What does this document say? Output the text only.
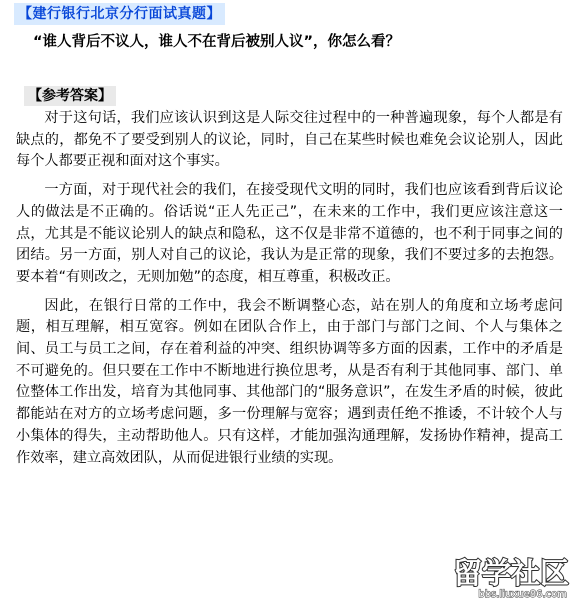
【建行银行北京分行面试真题】
“谁人背后不议人，谁人不在背后被别人议”，你怎么看？
【参考答案】

对于这句话，我们应该认识到这是人际交往过程中的一种普遍现象，每个人都是有缺点的，都免不了要受到别人的议论，同时，自己在某些时候也难免会议论别人，因此每个人都要正视和面对这个事实。

一方面，对于现代社会的我们，在接受现代文明的同时，我们也应该看到背后议论人的做法是不正确的。俗话说“正人先正己”，在未来的工作中，我们更应该注意这一点，尤其是不能议论别人的缺点和隐私，这不仅是非常不道德的，也不利于同事之间的团结。另一方面，别人对自己的议论，我认为是正常的现象，我们不要过多的去抱怨。要本着“有则改之，无则加勉”的态度，相互尊重，积极改正。

因此，在银行日常的工作中，我会不断调整心态，站在别人的角度和立场考虑问题，相互理解，相互宽容。例如在团队合作上，由于部门与部门之间、个人与集体之间、员工与员工之间，存在着利益的冲突、组织协调等多方面的因素，工作中的矛盾是不可避免的。但只要在工作中不断地进行换位思考，从是否有利于其他同事、部门、单位整体工作出发，培育为其他同事、其他部门的“服务意识”，在发生矛盾的时候，彼此都能站在对方的立场考虑问题，多一份理解与宽容；遇到责任绝不推诿，不计较个人与小集体的得失，主动帮助他人。只有这样，才能加强沟通理解，发扬协作精神，提高工作效率，建立高效团队，从而促进银行业绩的实现。

留学社区
bbs.liuxue86.com
